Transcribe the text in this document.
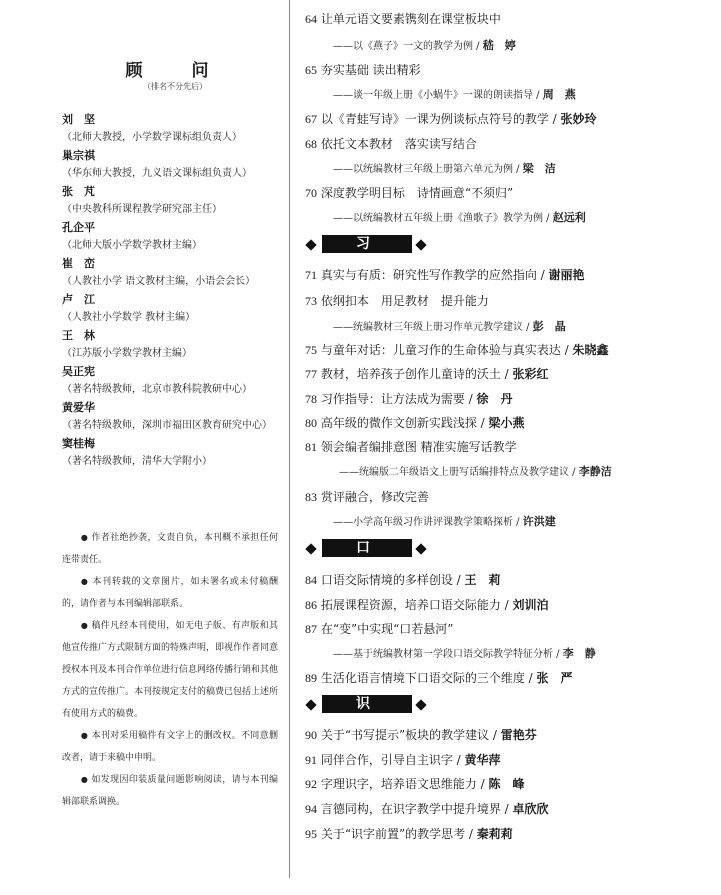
顾　问
（排名不分先后）
刘　坚
（北师大教授，小学数学课标组负责人）
巢宗祺
（华东师大教授，九义语文课标组负责人）
张　芃
（中央教科所课程教学研究部主任）
孔企平
（北师大版小学数学教材主编）
崔　峦
（人教社小学 语文教材主编，小语会会长）
卢　江
（人教社小学数学 教材主编）
王　林
（江苏版小学数学教材主编）
吴正宪
（著名特级教师，北京市教科院教研中心）
黄爱华
（著名特级教师，深圳市福田区教育研究中心）
窦桂梅
（著名特级教师，清华大学附小）

● 作者社绝抄袭，文责自负，本刊概不承担任何连带责任。

● 本刊转载的文章图片，如未署名或未付稿酬的，请作者与本刊编辑部联系。

● 稿件凡经本刊使用，如无电子版、有声版和其他宣传推广方式限制方面的特殊声明，即视作作者同意授权本刊及本刊合作单位进行信息网络传播行销和其他方式的宣传推广。本刊按规定支付的稿费已包括上述所有使用方式的稿费。

● 本刊对采用稿件有文字上的删改权。不同意删改者，请于来稿中申明。

● 如发现因印装质量问题影响阅读，请与本刊编辑部联系调换。

64 让单元语文要素镌刻在课堂板块中
——以《燕子》一文的教学为例 / 嵇　婷
65 夯实基础 读出精彩
——谈一年级上册《小蜗牛》一课的朗读指导 / 周　燕
67 以《青蛙写诗》一课为例谈标点符号的教学 / 张妙玲
68 依托文本教材　落实读写结合
——以统编教材三年级上册第六单元为例 / 梁　洁
70 深度教学明目标　诗情画意“不须归”
——以统编教材五年级上册《渔歌子》教学为例 / 赵远利
习作
71 真实与有质：研究性写作教学的应然指向 / 谢丽艳
73 依纲扣本　用足教材　提升能力
——统编教材三年级上册习作单元教学建议 / 彭　晶
75 与童年对话：儿童习作的生命体验与真实表达 / 朱晓鑫
77 教材，培养孩子创作儿童诗的沃土 / 张彩红
78 习作指导：让方法成为需要 / 徐　丹
80 高年级的微作文创新实践浅探 / 梁小燕
81 领会编者编排意图 精准实施写话教学
——统编版二年级语文上册写话编排特点及教学建议 / 李静洁
83 赏评融合，修改完善
——小学高年级习作讲评课教学策略探析 / 许洪建
口语
84 口语交际情境的多样创设 / 王　莉
86 拓展课程资源，培养口语交际能力 / 刘训泊
87 在“变”中实现“口若悬河”
——基于统编教材第一学段口语交际教学特征分析 / 李　静
89 生活化语言情境下口语交际的三个维度 / 张　严
识字
90 关于“书写提示”板块的教学建议 / 雷艳芬
91 同伴合作，引导自主识字 / 黄华萍
92 字理识字，培养语文思维能力 / 陈　峰
94 言德同构，在识字教学中提升境界 / 卓欣欣
95 关于“识字前置”的教学思考 / 秦莉莉
